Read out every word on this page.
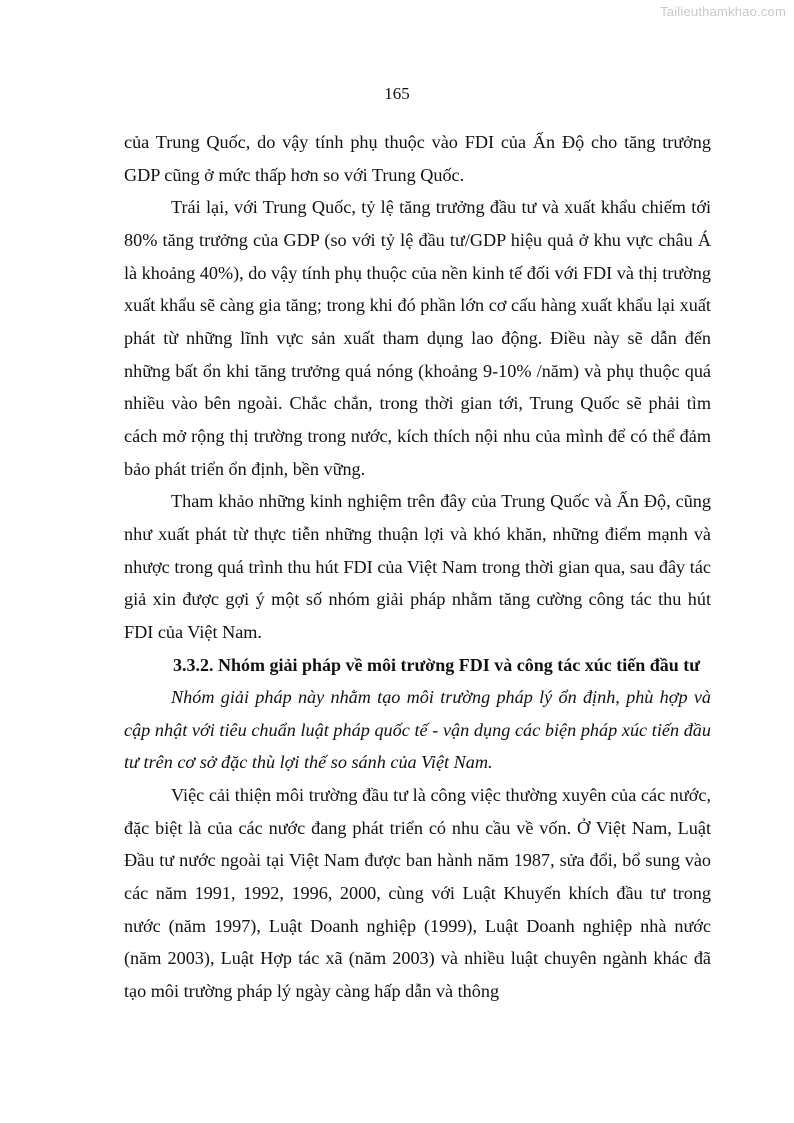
Tailieuthamkhao.com
165

của Trung Quốc, do vậy tính phụ thuộc vào FDI của Ấn Độ cho tăng trưởng GDP cũng ở mức thấp hơn so với Trung Quốc.

Trái lại, với Trung Quốc, tỷ lệ tăng trưởng đầu tư và xuất khẩu chiếm tới 80% tăng trưởng của GDP (so với tỷ lệ đầu tư/GDP hiệu quả ở khu vực châu Á là khoảng 40%), do vậy tính phụ thuộc của nền kinh tế đối với FDI và thị trường xuất khẩu sẽ càng gia tăng; trong khi đó phần lớn cơ cấu hàng xuất khẩu lại xuất phát từ những lĩnh vực sản xuất tham dụng lao động. Điều này sẽ dẫn đến những bất ổn khi tăng trưởng quá nóng (khoảng 9-10% /năm) và phụ thuộc quá nhiều vào bên ngoài. Chắc chắn, trong thời gian tới, Trung Quốc sẽ phải tìm cách mở rộng thị trường trong nước, kích thích nội nhu của mình để có thể đảm bảo phát triển ổn định, bền vững.

Tham khảo những kinh nghiệm trên đây của Trung Quốc và Ấn Độ, cũng như xuất phát từ thực tiễn những thuận lợi và khó khăn, những điểm mạnh và nhược trong quá trình thu hút FDI của Việt Nam trong thời gian qua, sau đây tác giả xin được gợi ý một số nhóm giải pháp nhằm tăng cường công tác thu hút FDI của Việt Nam.

3.3.2. Nhóm giải pháp về môi trường FDI và công tác xúc tiến đầu tư

Nhóm giải pháp này nhằm tạo môi trường pháp lý ổn định, phù hợp và cập nhật với tiêu chuẩn luật pháp quốc tế - vận dụng các biện pháp xúc tiến đầu tư trên cơ sở đặc thù lợi thế so sánh của Việt Nam.

Việc cải thiện môi trường đầu tư là công việc thường xuyên của các nước, đặc biệt là của các nước đang phát triển có nhu cầu về vốn. Ở Việt Nam, Luật Đầu tư nước ngoài tại Việt Nam được ban hành năm 1987, sửa đổi, bổ sung vào các năm 1991, 1992, 1996, 2000, cùng với Luật Khuyến khích đầu tư trong nước (năm 1997), Luật Doanh nghiệp (1999), Luật Doanh nghiệp nhà nước (năm 2003), Luật Hợp tác xã (năm 2003) và nhiều luật chuyên ngành khác đã tạo môi trường pháp lý ngày càng hấp dẫn và thông
